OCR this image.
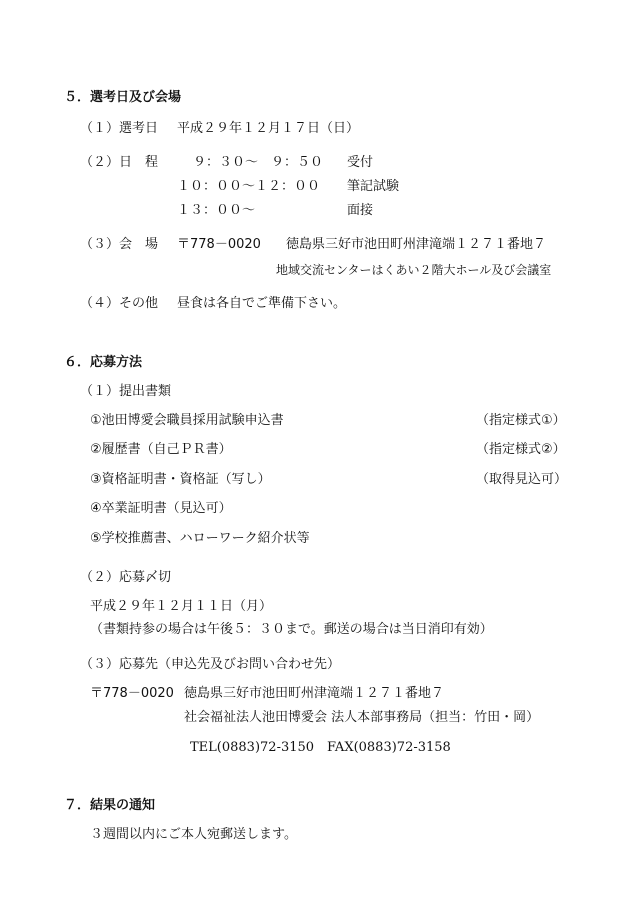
５．選考日及び会場
（１）選考日 平成２９年１２月１７日（日）
（２）日　程	９：３０～　９：５０ 受付
１０：００～１２：００ 筆記試験
１３：００～	面接
（３）会　場 〒778－0020 徳島県三好市池田町州津滝端１２７１番地７
地域交流センターはくあい２階大ホール及び会議室
（４）その他 昼食は各自でご準備下さい。
６．応募方法
（１）提出書類
①池田博愛会職員採用試験申込書	（指定様式①）
②履歴書（自己ＰＲ書）	（指定様式②）
③資格証明書・資格証（写し）	（取得見込可）
④卒業証明書（見込可）
⑤学校推薦書、ハローワーク紹介状等
（２）応募〆切
平成２９年１２月１１日（月）
（書類持参の場合は午後５：３０まで。郵送の場合は当日消印有効）
（３）応募先（申込先及びお問い合わせ先）
〒778－0020 徳島県三好市池田町州津滝端１２７１番地７
社会福祉法人池田博愛会 法人本部事務局（担当：竹田・岡）
TEL(0883)72-3150　FAX(0883)72-3158
７．結果の通知
３週間以内にご本人宛郵送します。
